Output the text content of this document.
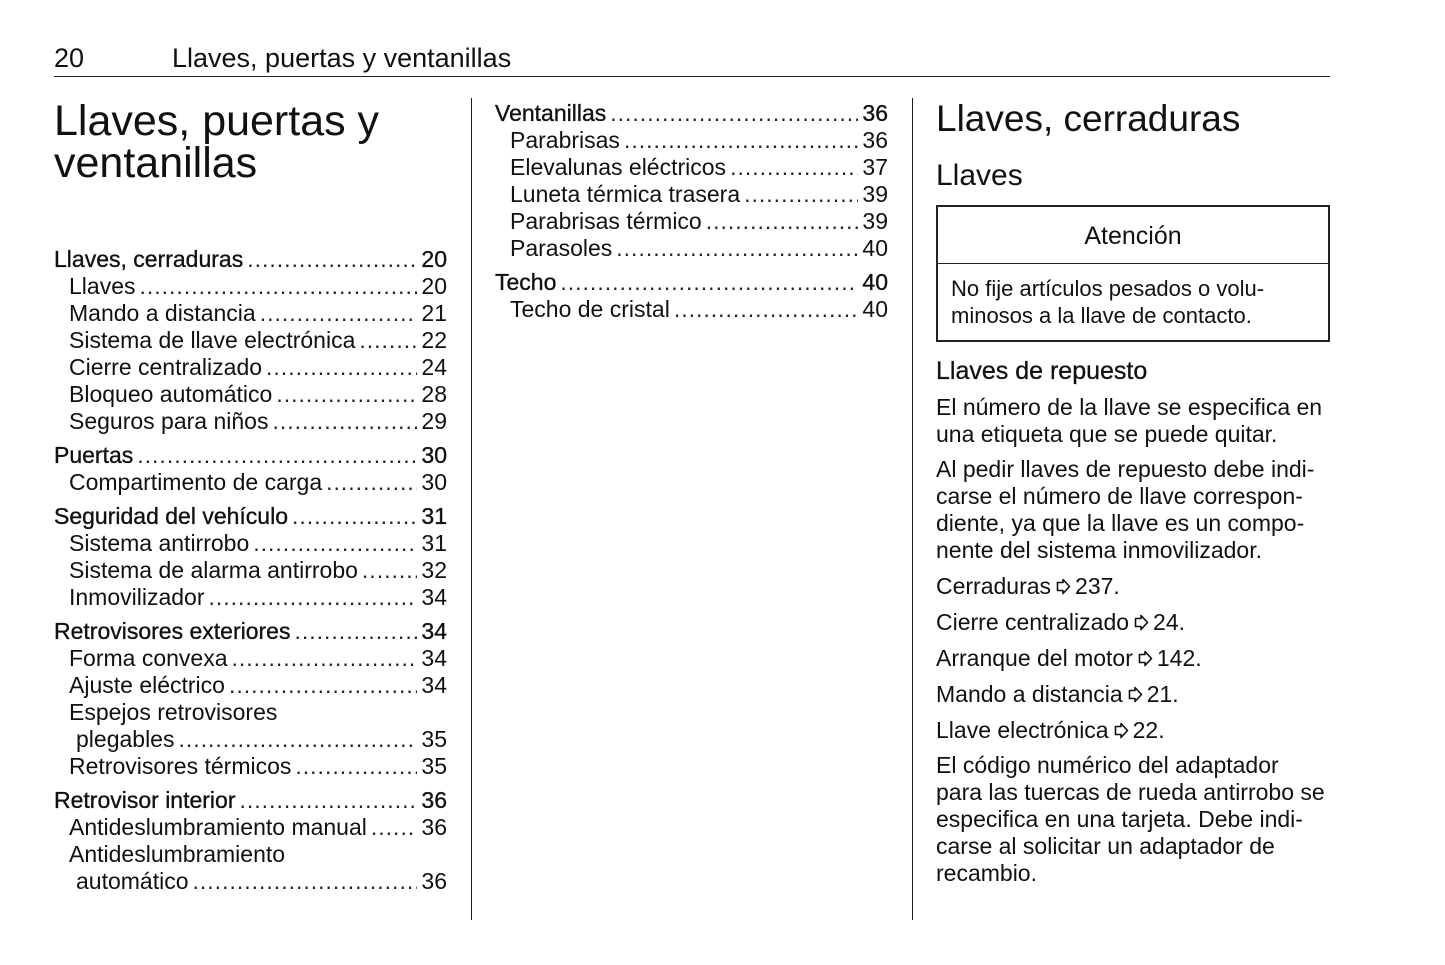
20	Llaves, puertas y ventanillas
Llaves, puertas y
ventanillas
Llaves, cerraduras .....	20
Llaves .....	20
Mando a distancia .....	21
Sistema de llave electrónica .....	22
Cierre centralizado .....	24
Bloqueo automático .....	28
Seguros para niños .....	29
Puertas .....	30
Compartimento de carga .....	30
Seguridad del vehículo .....	31
Sistema antirrobo .....	31
Sistema de alarma antirrobo .....	32
Inmovilizador .....	34
Retrovisores exteriores .....	34
Forma convexa .....	34
Ajuste eléctrico .....	34
Espejos retrovisores
plegables .....	35
Retrovisores térmicos .....	35
Retrovisor interior .....	36
Antideslumbramiento manual ..... 36
Antideslumbramiento
automático .....	36
Ventanillas .....	36
Parabrisas .....	36
Elevalunas eléctricos .....	37
Luneta térmica trasera .....	39
Parabrisas térmico .....	39
Parasoles .....	40
Techo .....	40
Techo de cristal .....	40
Llaves, cerraduras
Llaves
Atención
No fije artículos pesados o volu- minosos a la llave de contacto.
Llaves de repuesto

El número de la llave se especifica en una etiqueta que se puede quitar.

Al pedir llaves de repuesto debe indi- carse el número de llave correspon- diente, ya que la llave es un compo- nente del sistema inmovilizador.

Cerraduras 237.
Cierre centralizado 24.
Arranque del motor 142.
Mando a distancia 21.
Llave electrónica 22.

El código numérico del adaptador para las tuercas de rueda antirrobo se especifica en una tarjeta. Debe indi- carse al solicitar un adaptador de recambio.
